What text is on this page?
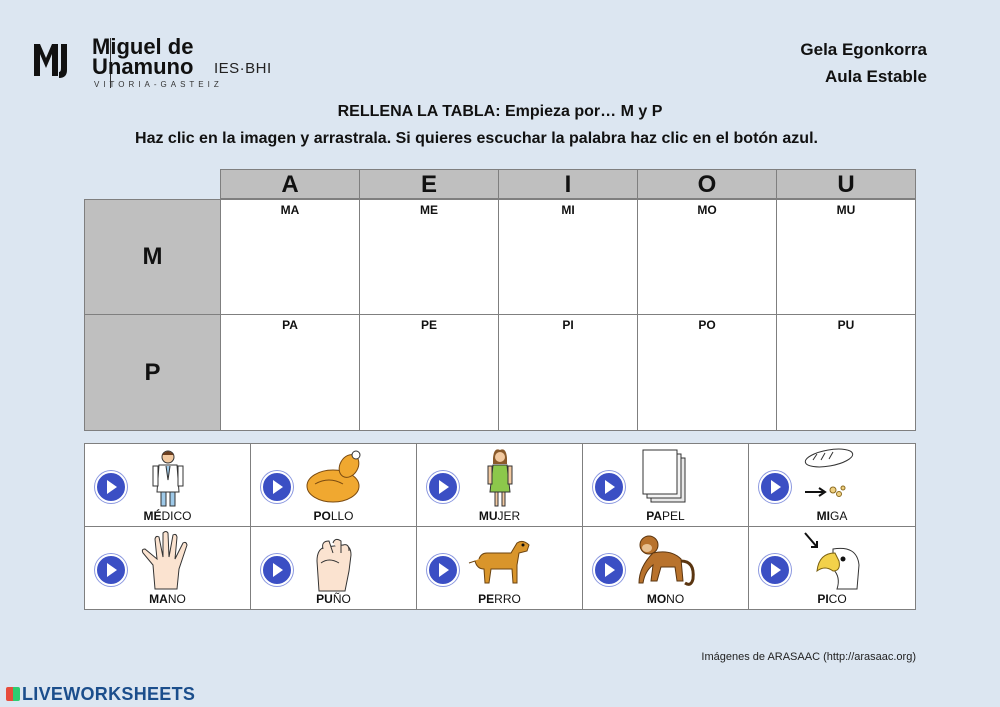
Miguel de
Unamuno IES·BHI
VITORIA-GASTEIZ
Gela Egonkorra
Aula Estable
RELLENA LA TABLA: Empieza por… M y P
Haz clic en la imagen y arrastrala. Si quieres escuchar la palabra haz clic en el botón azul.
A	E	I	O	U
M
MA	ME	MI	MO	MU
P
PA	PE	PI	PO	PU
MÉDICO	POLLO	MUJER	PAPEL	MIGA
MANO	PUÑO	PERRO	MONO	PICO
Imágenes de ARASAAC (http://arasaac.org)
LIVEWORKSHEETS
